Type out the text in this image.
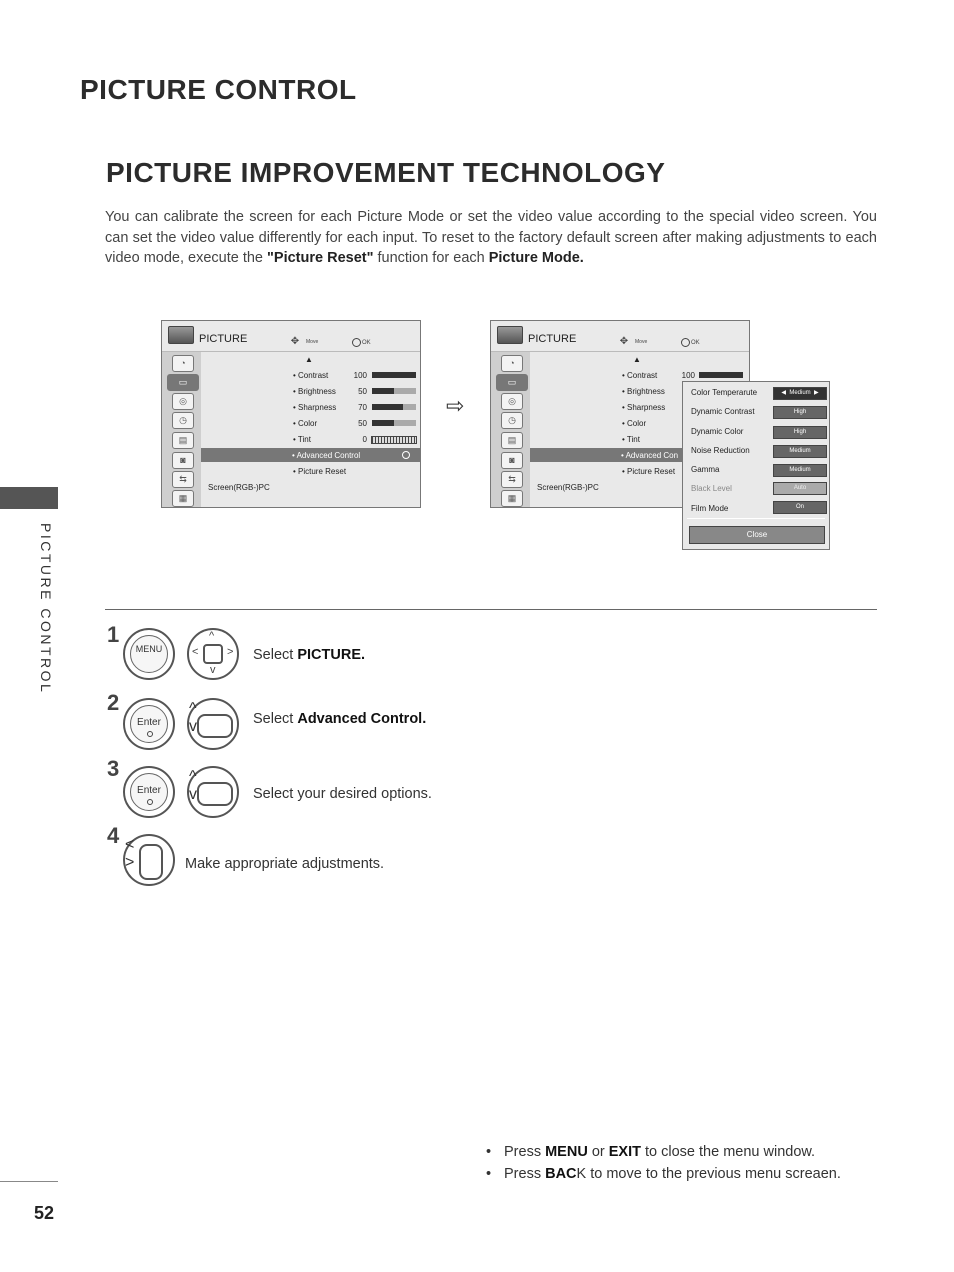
PICTURE CONTROL
PICTURE IMPROVEMENT TECHNOLOGY
You can calibrate the screen for each Picture Mode or set the video value according to the special video screen. You can set the video value differently for each input. To reset to the factory default screen after making adjustments to each video mode, execute the "Picture Reset" function for each Picture Mode.
PICTURE CONTROL
52
PICTURE	✥	Move	OK
◔
▭
◎
◷
▤
◙
⇆
▦
▲
• Contrast	100
• Brightness	50
• Sharpness	70
• Color	50
• Tint	0
• Advanced Control
• Picture Reset
Screen(RGB-)PC
⇨
PICTURE	✥	Move	OK
◔
▭
◎
◷
▤
◙
⇆
▦
▲
• Contrast	100
• Brightness
• Sharpness
• Color
• Tint
• Advanced Con
• Picture Reset
Screen(RGB-)PC
Color Temperarute	◀ Medium ▶
Dynamic Contrast	High
Dynamic Color	High
Noise Reduction	Medium
Gamma	Medium
Black Level	Auto
Film Mode	On
Close
1
MENU
^
v
<	> Select PICTURE.
2
Enter
^
v	Select Advanced Control.
3
Enter
^
v	Select your desired options.
4 <
>	Make appropriate adjustments.
• Press MENU or EXIT to close the menu window.
• Press BACK to move to the previous menu screaen.
